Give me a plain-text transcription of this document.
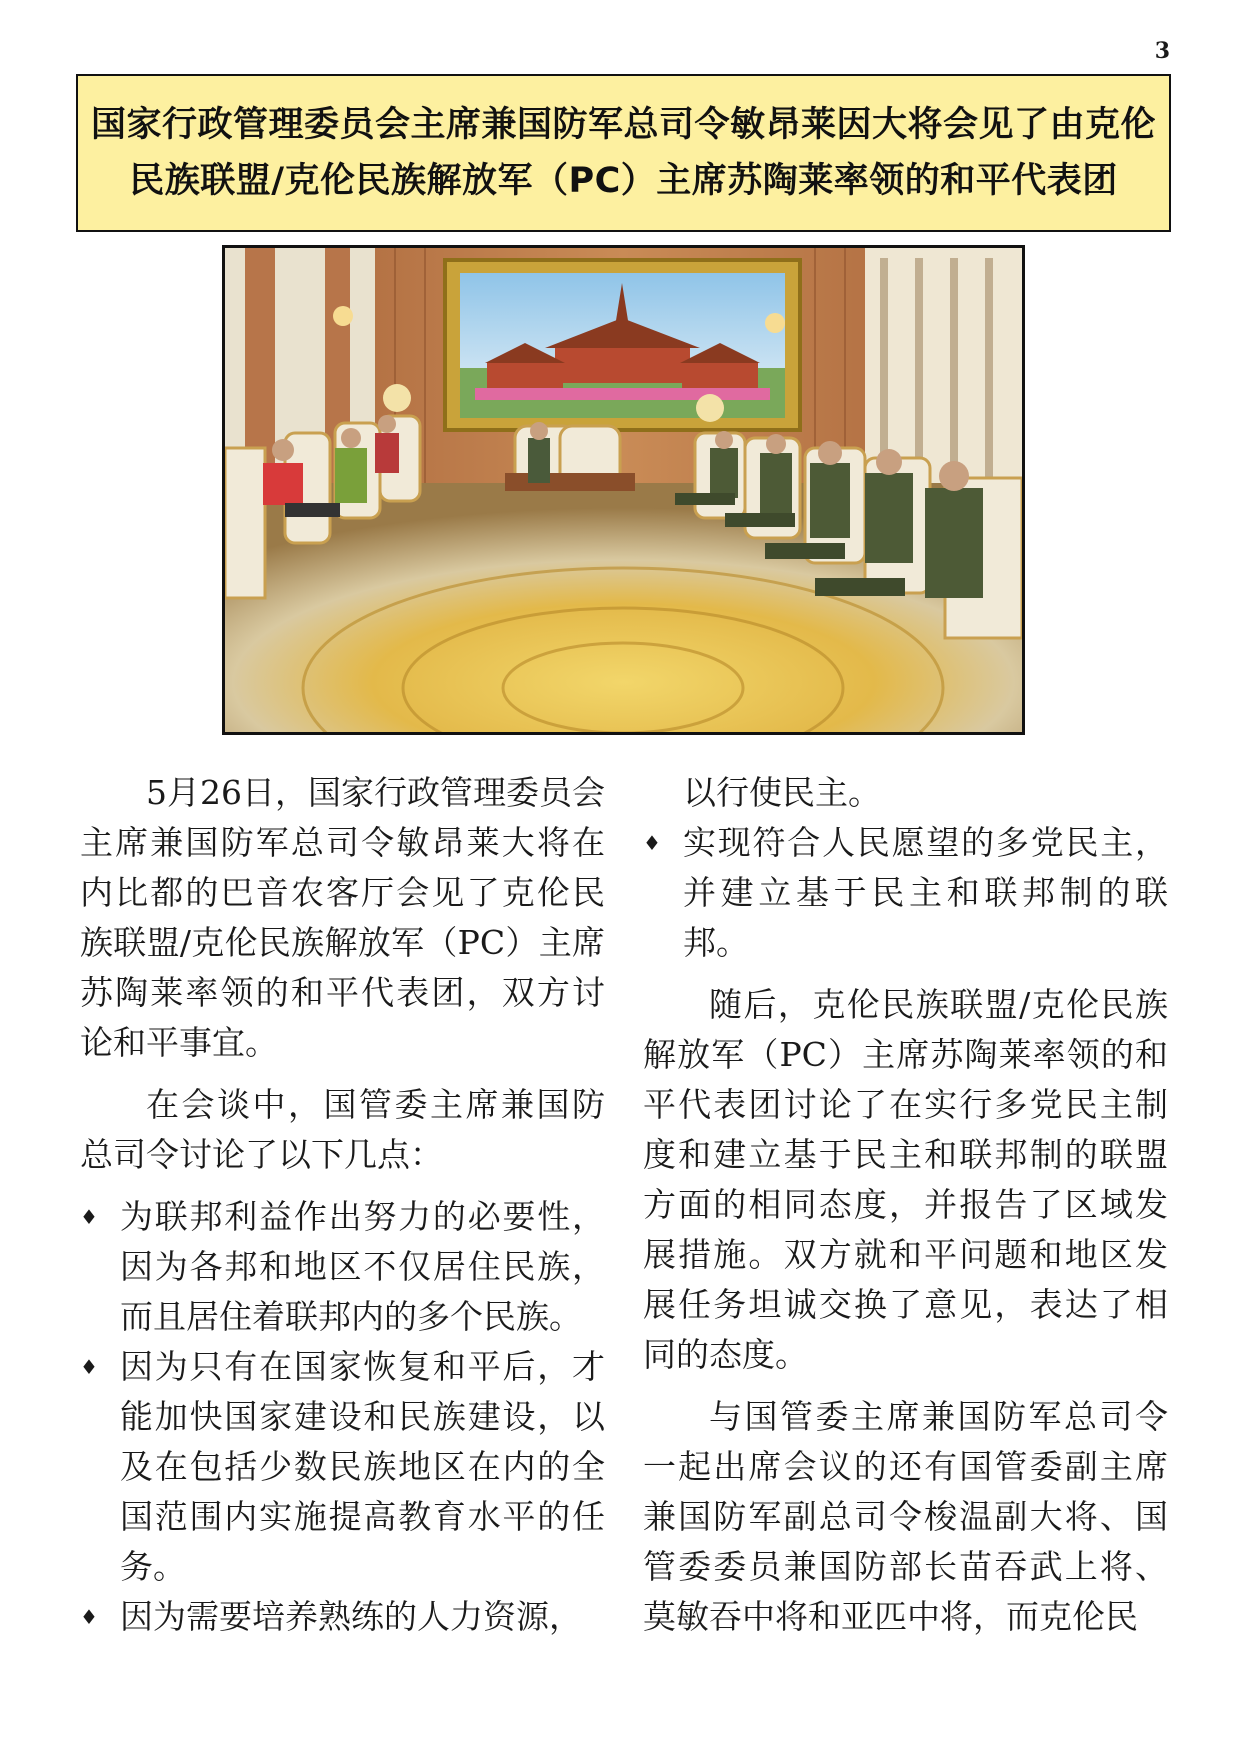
3
国家行政管理委员会主席兼国防军总司令敏昂莱因大将会见了由克伦
民族联盟/克伦民族解放军（PC）主席苏陶莱率领的和平代表团

5月26日，国家行政管理委员会主席兼国防军总司令敏昂莱大将在内比都的巴音农客厅会见了克伦民族联盟/克伦民族解放军（PC）主席苏陶莱率领的和平代表团，双方讨论和平事宜。

在会谈中，国管委主席兼国防总司令讨论了以下几点：

♦ 为联邦利益作出努力的必要性，因为各邦和地区不仅居住民族，而且居住着联邦内的多个民族。
♦ 因为只有在国家恢复和平后，才能加快国家建设和民族建设，以及在包括少数民族地区在内的全国范围内实施提高教育水平的任务。
♦ 因为需要培养熟练的人力资源，
以行使民主。
♦ 实现符合人民愿望的多党民主，并建立基于民主和联邦制的联邦。

随后，克伦民族联盟/克伦民族解放军（PC）主席苏陶莱率领的和平代表团讨论了在实行多党民主制度和建立基于民主和联邦制的联盟方面的相同态度，并报告了区域发展措施。双方就和平问题和地区发展任务坦诚交换了意见，表达了相同的态度。

与国管委主席兼国防军总司令一起出席会议的还有国管委副主席兼国防军副总司令梭温副大将、国管委委员兼国防部长苗吞武上将、莫敏吞中将和亚匹中将，而克伦民
